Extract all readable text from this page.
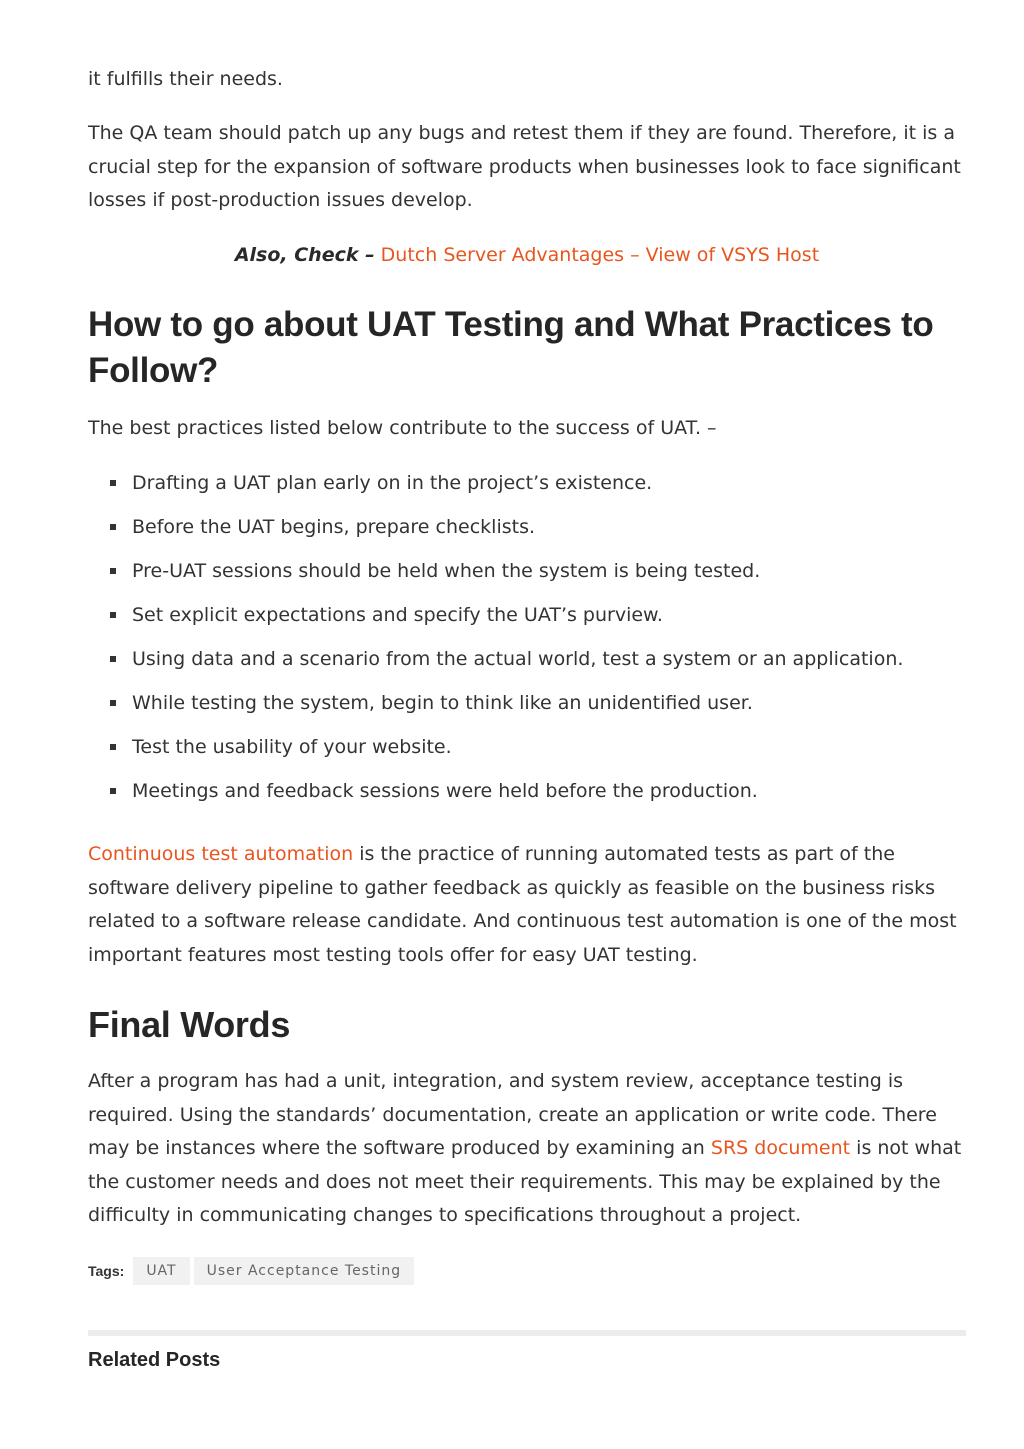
it fulfills their needs.

The QA team should patch up any bugs and retest them if they are found. Therefore, it is a crucial step for the expansion of software products when businesses look to face significant losses if post-production issues develop.

Also, Check – Dutch Server Advantages – View of VSYS Host

How to go about UAT Testing and What Practices to Follow?

The best practices listed below contribute to the success of UAT. –

Drafting a UAT plan early on in the project’s existence.
Before the UAT begins, prepare checklists.
Pre-UAT sessions should be held when the system is being tested.
Set explicit expectations and specify the UAT’s purview.
Using data and a scenario from the actual world, test a system or an application.
While testing the system, begin to think like an unidentified user.
Test the usability of your website.
Meetings and feedback sessions were held before the production.

Continuous test automation is the practice of running automated tests as part of the software delivery pipeline to gather feedback as quickly as feasible on the business risks related to a software release candidate. And continuous test automation is one of the most important features most testing tools offer for easy UAT testing.

Final Words

After a program has had a unit, integration, and system review, acceptance testing is required. Using the standards’ documentation, create an application or write code. There may be instances where the software produced by examining an SRS document is not what the customer needs and does not meet their requirements. This may be explained by the difficulty in communicating changes to specifications throughout a project.

Tags:	UAT	User Acceptance Testing
Related Posts
